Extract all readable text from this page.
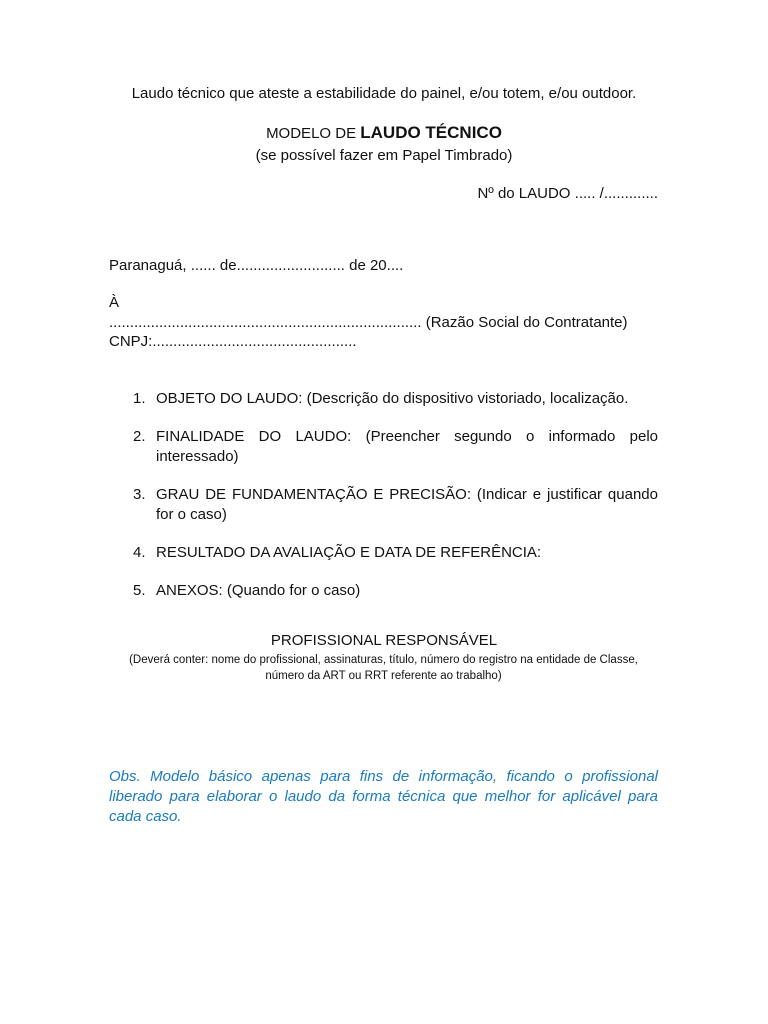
Laudo técnico que ateste a estabilidade do painel, e/ou totem, e/ou outdoor.
MODELO DE LAUDO TÉCNICO
(se possível fazer em Papel Timbrado)
Nº do LAUDO ..... /.............
Paranaguá, ...... de.......................... de 20....
À
........................................................................... (Razão Social do Contratante)
CNPJ:.................................................
1. OBJETO DO LAUDO: (Descrição do dispositivo vistoriado, localização.
2. FINALIDADE DO LAUDO: (Preencher segundo o informado pelo interessado)
3. GRAU DE FUNDAMENTAÇÃO E PRECISÃO: (Indicar e justificar quando for o caso)
4. RESULTADO DA AVALIAÇÃO E DATA DE REFERÊNCIA:
5. ANEXOS: (Quando for o caso)
PROFISSIONAL RESPONSÁVEL
(Deverá conter: nome do profissional, assinaturas, título, número do registro na entidade de Classe, número da ART ou RRT referente ao trabalho)
Obs. Modelo básico apenas para fins de informação, ficando o profissional liberado para elaborar o laudo da forma técnica que melhor for aplicável para cada caso.
